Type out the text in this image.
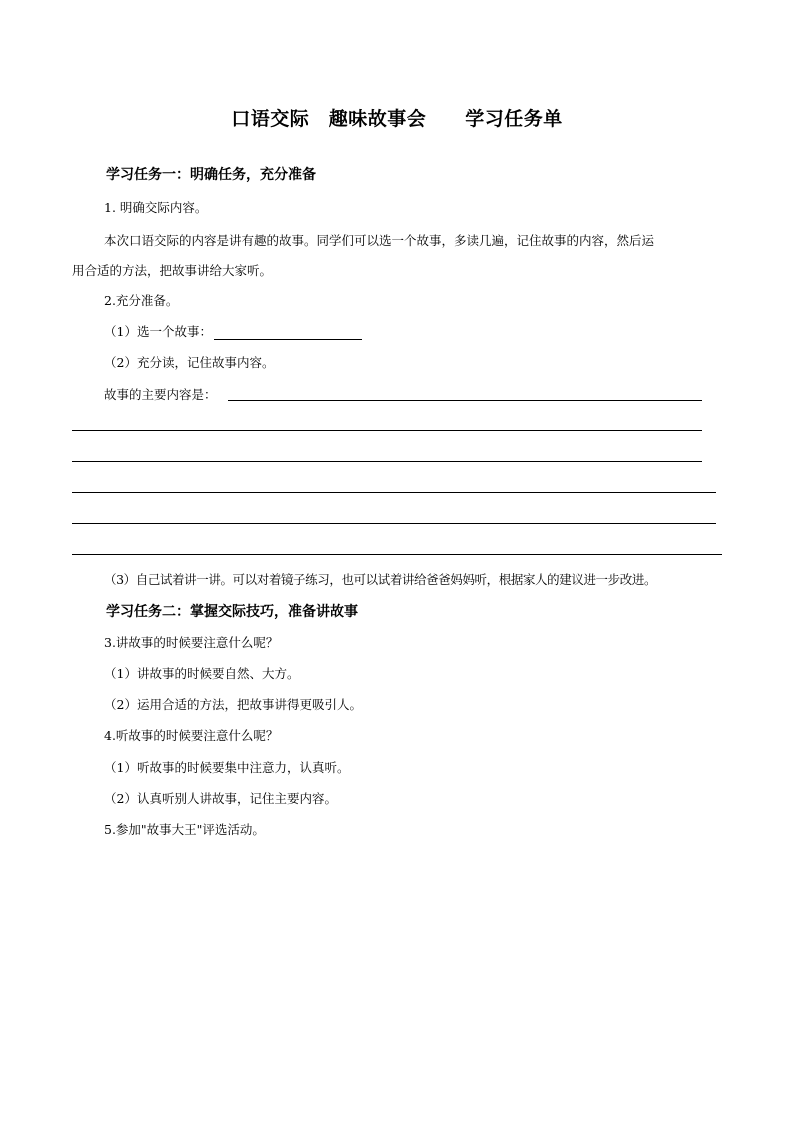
口语交际　趣味故事会　　学习任务单
学习任务一：明确任务，充分准备
1. 明确交际内容。
本次口语交际的内容是讲有趣的故事。同学们可以选一个故事，多读几遍，记住故事的内容，然后运
用合适的方法，把故事讲给大家听。
2.充分准备。
（1）选一个故事：
（2）充分读，记住故事内容。
故事的主要内容是：
（3）自己试着讲一讲。可以对着镜子练习，也可以试着讲给爸爸妈妈听，根据家人的建议进一步改进。
学习任务二：掌握交际技巧，准备讲故事
3.讲故事的时候要注意什么呢？
（1）讲故事的时候要自然、大方。
（2）运用合适的方法，把故事讲得更吸引人。
4.听故事的时候要注意什么呢？
（1）听故事的时候要集中注意力，认真听。
（2）认真听别人讲故事，记住主要内容。
5.参加"故事大王"评选活动。
